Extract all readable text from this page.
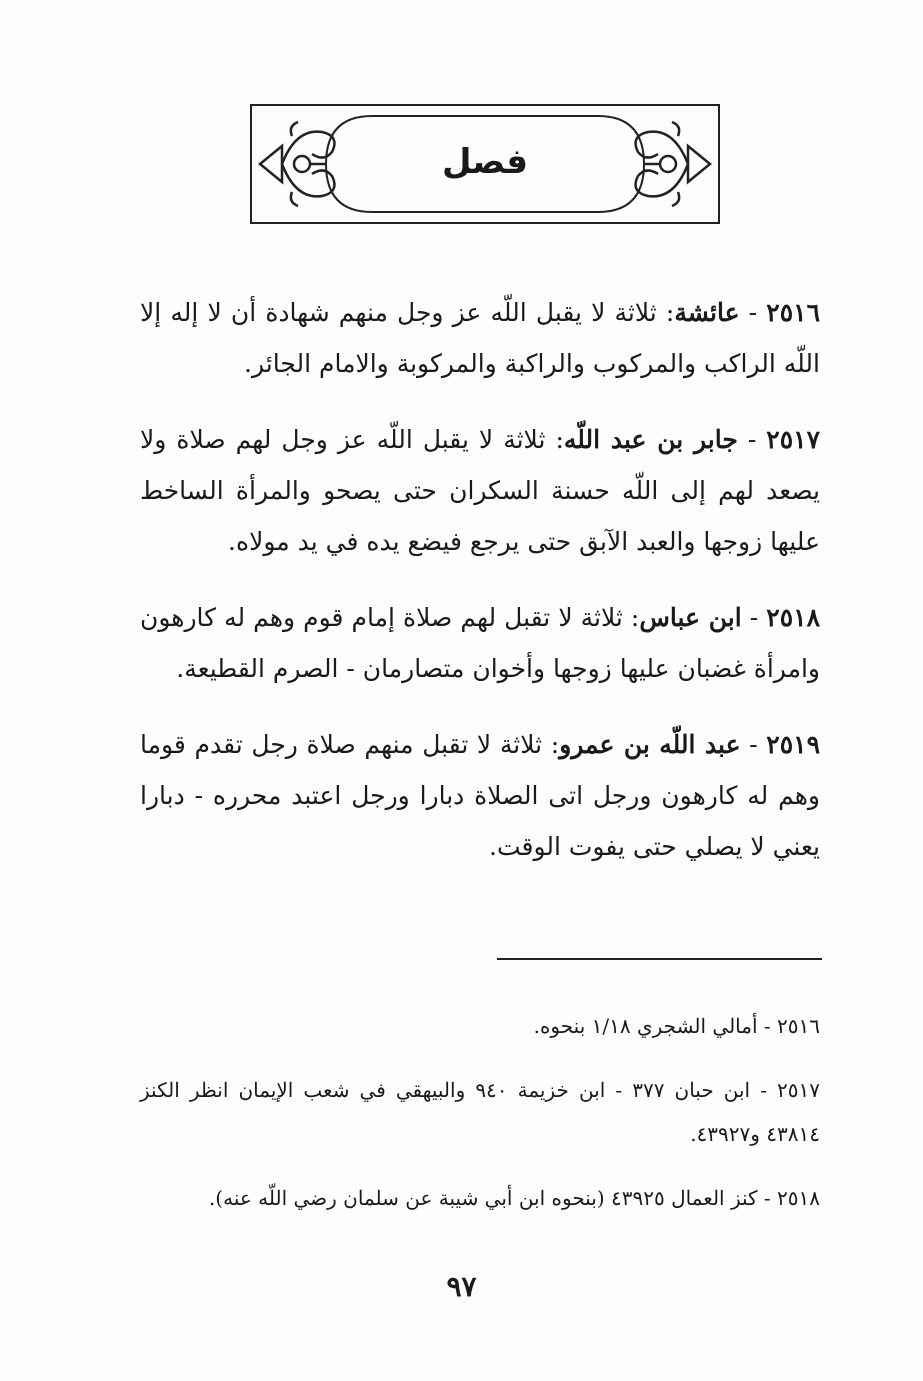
فصل

٢٥١٦ - عائشة: ثلاثة لا يقبل اللّه عز وجل منهم شهادة أن لا إله إلا اللّه الراكب والمركوب والراكبة والمركوبة والامام الجائر.

٢٥١٧ - جابر بن عبد اللّه: ثلاثة لا يقبل اللّه عز وجل لهم صلاة ولا يصعد لهم إلى اللّه حسنة السكران حتى يصحو والمرأة الساخط عليها زوجها والعبد الآبق حتى يرجع فيضع يده في يد مولاه.

٢٥١٨ - ابن عباس: ثلاثة لا تقبل لهم صلاة إمام قوم وهم له كارهون وامرأة غضبان عليها زوجها وأخوان متصارمان - الصرم القطيعة.

٢٥١٩ - عبد اللّه بن عمرو: ثلاثة لا تقبل منهم صلاة رجل تقدم قوما وهم له كارهون ورجل اتى الصلاة دبارا ورجل اعتبد محرره - دبارا يعني لا يصلي حتى يفوت الوقت.

٢٥١٦ - أمالي الشجري ١/١٨ بنحوه.

٢٥١٧ - ابن حبان ٣٧٧ - ابن خزيمة ٩٤٠ والبيهقي في شعب الإيمان انظر الكنز ٤٣٨١٤ و٤٣٩٢٧.

٢٥١٨ - كنز العمال ٤٣٩٢٥ (بنحوه ابن أبي شيبة عن سلمان رضي اللّه عنه).

٩٧
